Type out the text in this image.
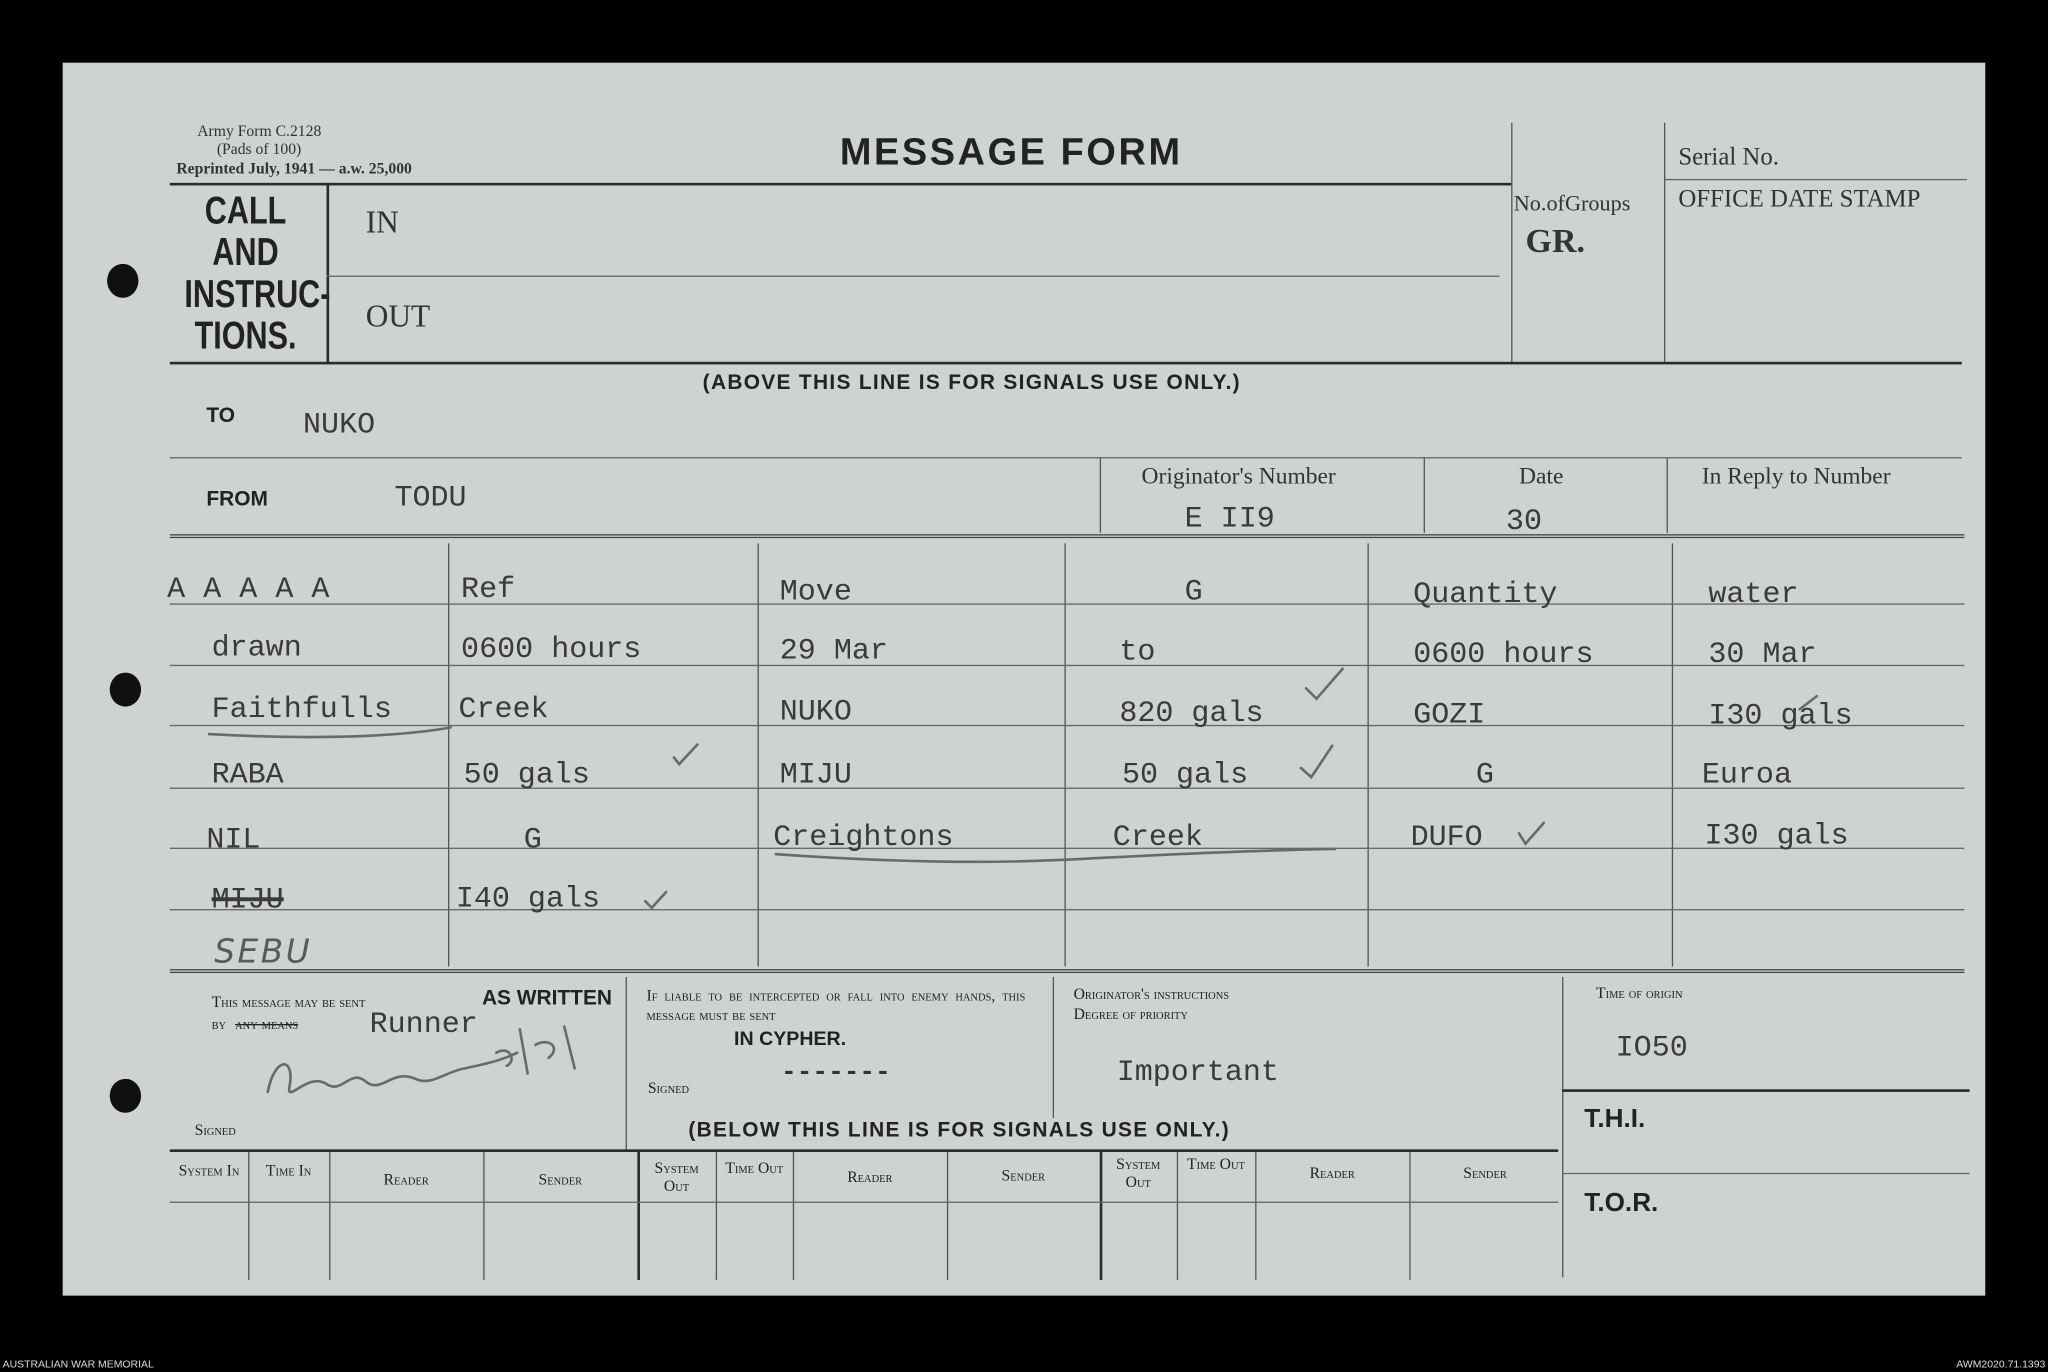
Army Form C.2128
(Pads of 100)
Reprinted July, 1941 — a.w. 25,000	MESSAGE FORM	Serial No.
OFFICE DATE STAMP
No.ofGroups
GR.
CALL
AND
INSTRUC-
TIONS.
IN
OUT
(ABOVE THIS LINE IS FOR SIGNALS USE ONLY.)
TO	NUKO
FROM	TODU
Originator's Number
E II9
Date
30
In Reply to Number
A A A A A	Ref	Move	G	Quantity	water
drawn	0600 hours	29 Mar	to	0600 hours	30 Mar
Faithfulls	Creek	NUKO	820 gals	GOZI	I30 gals
RABA	50 gals	MIJU	50 gals	G	Euroa
NIL	G	Creightons	Creek	DUFO	I30 gals
MIJU	I40 gals
SEBU
This message may be sent	AS WRITTEN
by any means	Runner
Signed
If liable to be intercepted or fall into enemy hands, this message must be sent
IN CYPHER.
Signed	-------
Originator's instructions
Degree of priority
Important
Time of origin
IO50
T.H.I.
T.O.R.
(BELOW THIS LINE IS FOR SIGNALS USE ONLY.)
System In	Time In	Reader	Sender
System Out
Time Out	Reader	Sender
System Out
Time Out	Reader	Sender
AUSTRALIAN WAR MEMORIAL	AWM2020.71.1393
